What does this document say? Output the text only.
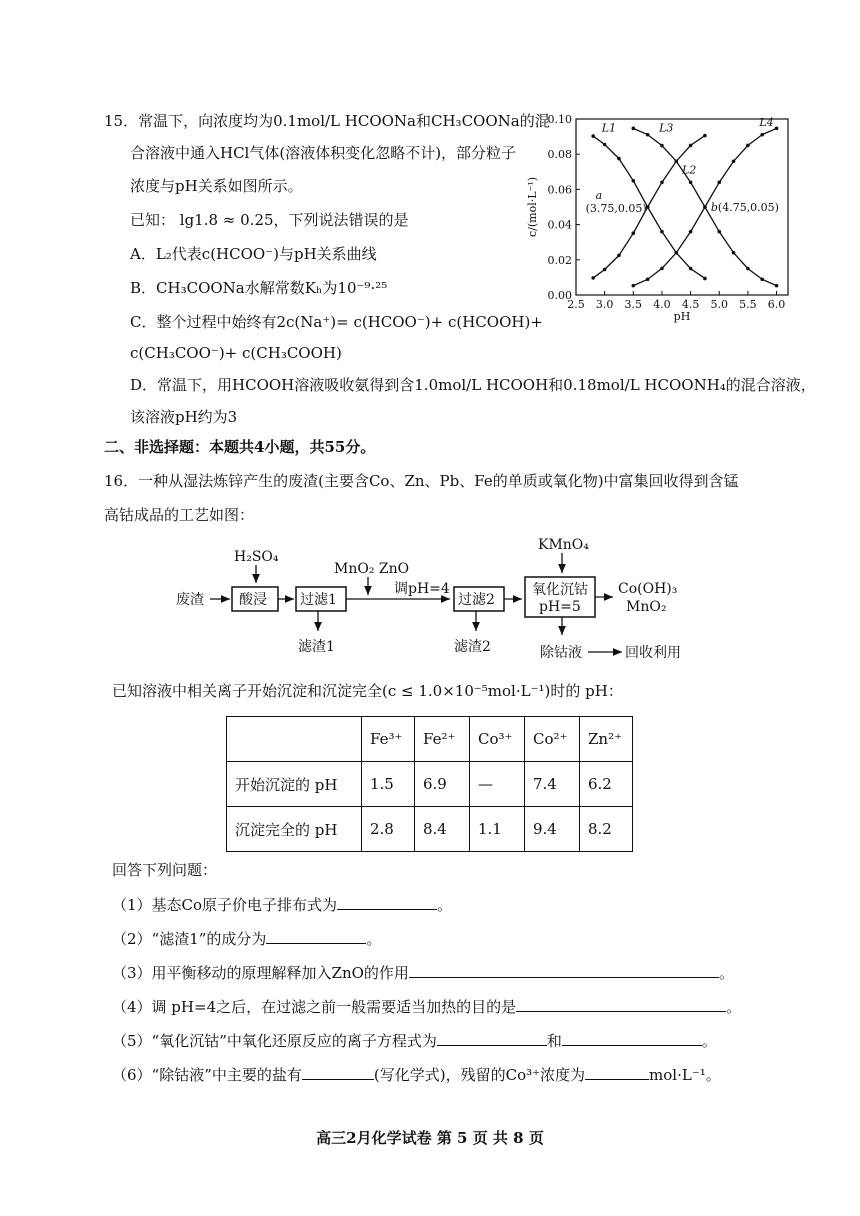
15．常温下，向浓度均为0.1mol/L HCOONa和CH₃COONa的混
合溶液中通入HCl气体(溶液体积变化忽略不计)，部分粒子
浓度与pH关系如图所示。
已知： lg1.8 ≈ 0.25，下列说法错误的是
A．L₂代表c(HCOO⁻)与pH关系曲线
B．CH₃COONa水解常数Kₕ为10⁻⁹·²⁵
C．整个过程中始终有2c(Na⁺)= c(HCOO⁻)+ c(HCOOH)+
c(CH₃COO⁻)+ c(CH₃COOH)
D．常温下，用HCOOH溶液吸收氨得到含1.0mol/L HCOOH和0.18mol/L HCOONH₄的混合溶液，
该溶液pH约为3
2.5 3.0 3.5 4.0 4.5 5.0 5.5 6.0
0.00
0.02
0.04
0.06
0.08
0.10
pH
c/(mol·L⁻¹)
L1
L2
L3	L4
a
(3.75,0.05)	b (4.75,0.05)
二、非选择题：本题共4小题，共55分。
16．一种从湿法炼锌产生的废渣(主要含Co、Zn、Pb、Fe的单质或氧化物)中富集回收得到含锰
高钴成品的工艺如图：
废渣
H₂SO₄
酸浸 过滤1
滤渣1
MnO₂ ZnO
调pH=4
过滤2
滤渣2
KMnO₄
氧化沉钴
pH=5
Co(OH)₃
MnO₂
除钴液	回收利用
已知溶液中相关离子开始沉淀和沉淀完全(c ≤ 1.0×10⁻⁵mol·L⁻¹)时的 pH：
	Fe³⁺	Fe²⁺	Co³⁺	Co²⁺	Zn²⁺
开始沉淀的 pH	1.5	6.9	—	7.4	6.2
沉淀完全的 pH	2.8	8.4	1.1	9.4	8.2
回答下列问题：
（1）基态Co原子价电子排布式为	。
（2）“滤渣1”的成分为	。
（3）用平衡移动的原理解释加入ZnO的作用	。
（4）调 pH=4之后，在过滤之前一般需要适当加热的目的是	。
（5）“氧化沉钴”中氧化还原反应的离子方程式为	和	。
（6）“除钴液”中主要的盐有	(写化学式)，残留的Co³⁺浓度为	mol·L⁻¹。
高三2月化学试卷 第 5 页 共 8 页
